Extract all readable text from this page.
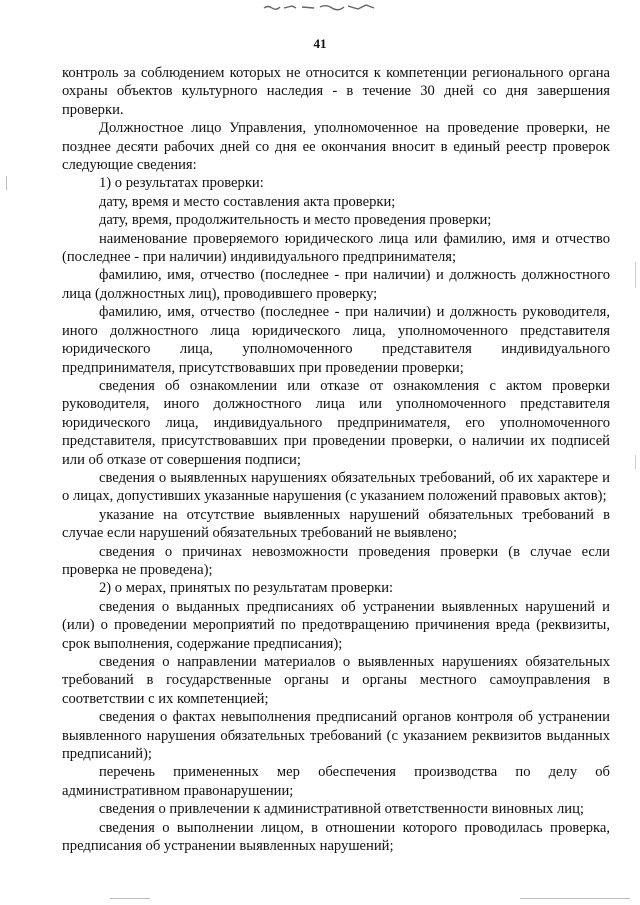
41

контроль за соблюдением которых не относится к компетенции регионального органа охраны объектов культурного наследия - в течение 30 дней со дня завершения проверки.

Должностное лицо Управления, уполномоченное на проведение проверки, не позднее десяти рабочих дней со дня ее окончания вносит в единый реестр проверок следующие сведения:

1) о результатах проверки:

дату, время и место составления акта проверки;

дату, время, продолжительность и место проведения проверки;

наименование проверяемого юридического лица или фамилию, имя и отчество (последнее - при наличии) индивидуального предпринимателя;

фамилию, имя, отчество (последнее - при наличии) и должность должностного лица (должностных лиц), проводившего проверку;

фамилию, имя, отчество (последнее - при наличии) и должность руководителя, иного должностного лица юридического лица, уполномоченного представителя юридического лица, уполномоченного представителя индивидуального предпринимателя, присутствовавших при проведении проверки;

сведения об ознакомлении или отказе от ознакомления с актом проверки руководителя, иного должностного лица или уполномоченного представителя юридического лица, индивидуального предпринимателя, его уполномоченного представителя, присутствовавших при проведении проверки, о наличии их подписей или об отказе от совершения подписи;

сведения о выявленных нарушениях обязательных требований, об их характере и о лицах, допустивших указанные нарушения (с указанием положений правовых актов);

указание на отсутствие выявленных нарушений обязательных требований в случае если нарушений обязательных требований не выявлено;

сведения о причинах невозможности проведения проверки (в случае если проверка не проведена);

2) о мерах, принятых по результатам проверки:

сведения о выданных предписаниях об устранении выявленных нарушений и (или) о проведении мероприятий по предотвращению причинения вреда (реквизиты, срок выполнения, содержание предписания);

сведения о направлении материалов о выявленных нарушениях обязательных требований в государственные органы и органы местного самоуправления в соответствии с их компетенцией;

сведения о фактах невыполнения предписаний органов контроля об устранении выявленного нарушения обязательных требований (с указанием реквизитов выданных предписаний);

перечень примененных мер обеспечения производства по делу об административном правонарушении;

сведения о привлечении к административной ответственности виновных лиц;

сведения о выполнении лицом, в отношении которого проводилась проверка, предписания об устранении выявленных нарушений;
